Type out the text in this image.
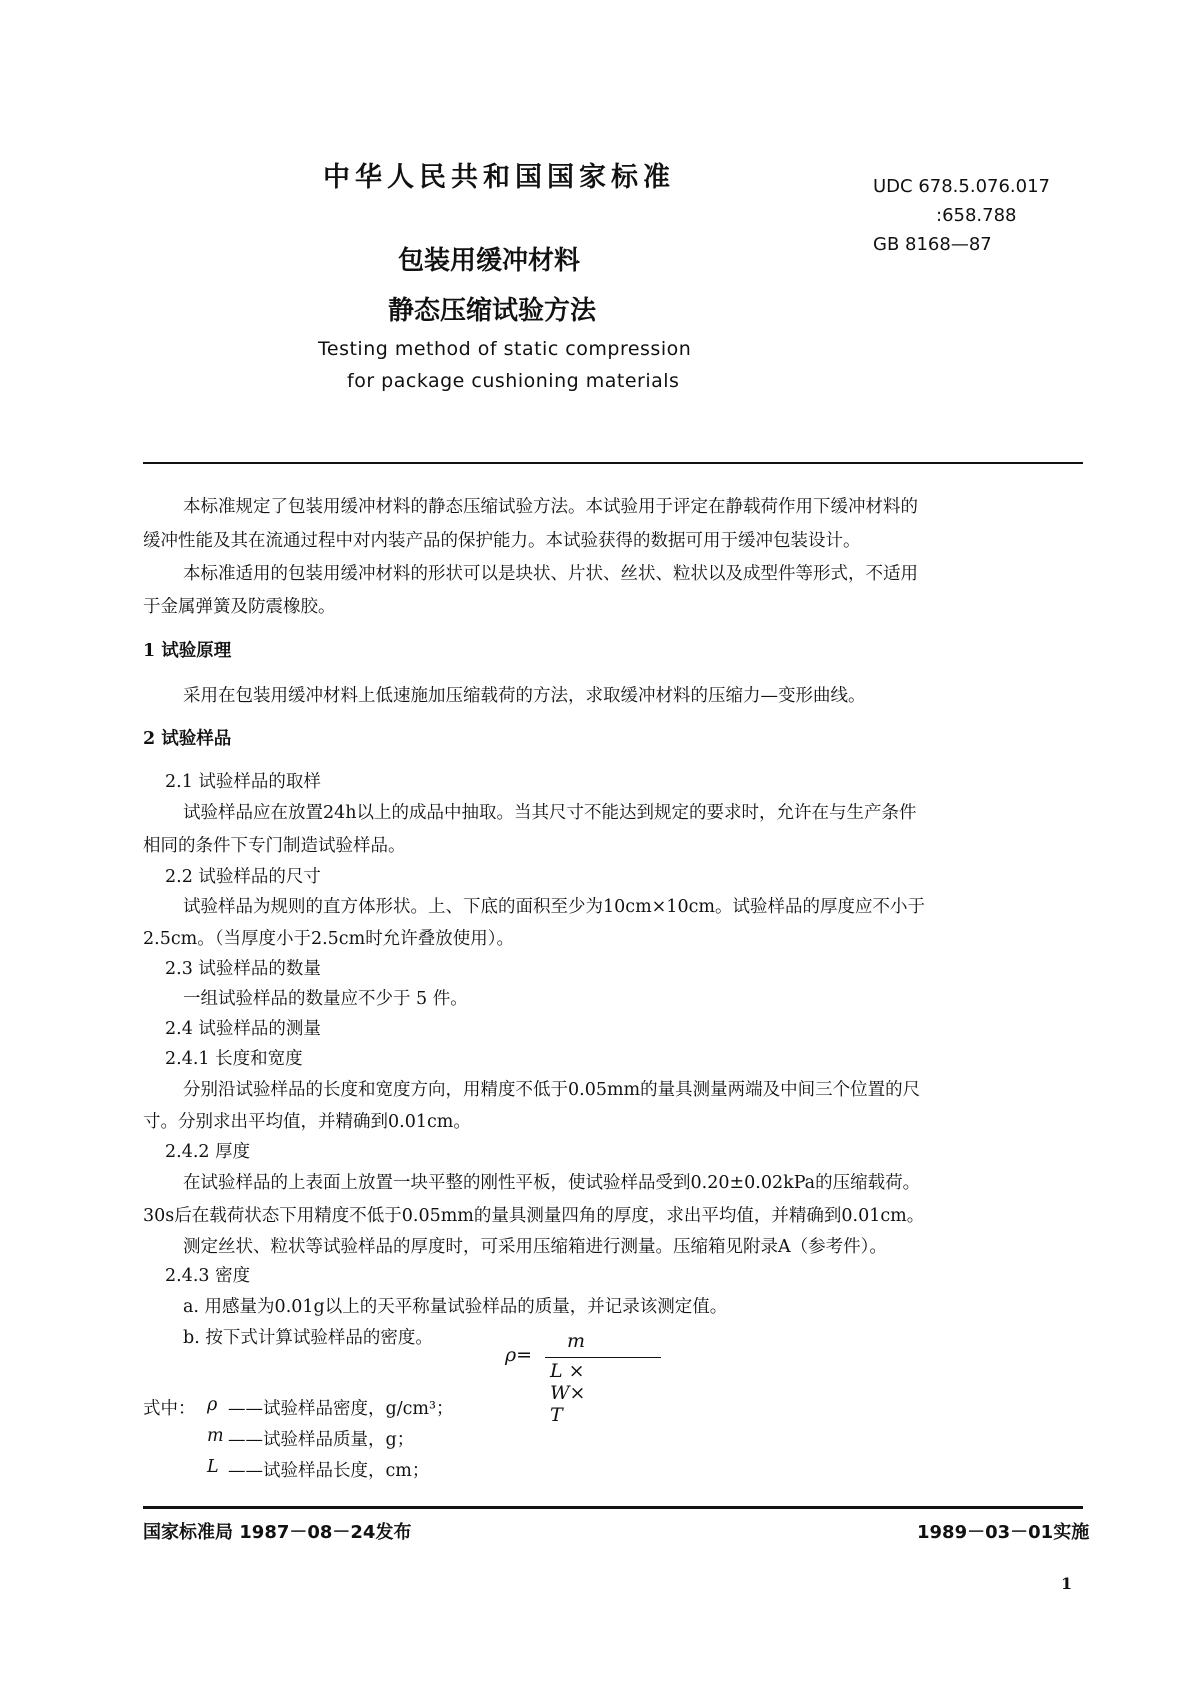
中华人民共和国国家标准	UDC 678.5.076.017
:658.788
GB 8168—87
包装用缓冲材料
静态压缩试验方法
Testing method of static compression
for package cushioning materials
本标准规定了包装用缓冲材料的静态压缩试验方法。本试验用于评定在静载荷作用下缓冲材料的
缓冲性能及其在流通过程中对内装产品的保护能力。本试验获得的数据可用于缓冲包装设计。
本标准适用的包装用缓冲材料的形状可以是块状、片状、丝状、粒状以及成型件等形式，不适用
于金属弹簧及防震橡胶。
1 试验原理
采用在包装用缓冲材料上低速施加压缩载荷的方法，求取缓冲材料的压缩力—变形曲线。
2 试验样品
2.1 试验样品的取样
试验样品应在放置24h以上的成品中抽取。当其尺寸不能达到规定的要求时，允许在与生产条件
相同的条件下专门制造试验样品。
2.2 试验样品的尺寸
试验样品为规则的直方体形状。上、下底的面积至少为10cm×10cm。试验样品的厚度应不小于
2.5cm。（当厚度小于2.5cm时允许叠放使用）。
2.3 试验样品的数量
一组试验样品的数量应不少于 5 件。
2.4 试验样品的测量
2.4.1 长度和宽度
分别沿试验样品的长度和宽度方向，用精度不低于0.05mm的量具测量两端及中间三个位置的尺
寸。分别求出平均值，并精确到0.01cm。
2.4.2 厚度
在试验样品的上表面上放置一块平整的刚性平板，使试验样品受到0.20±0.02kPa的压缩载荷。
30s后在载荷状态下用精度不低于0.05mm的量具测量四角的厚度，求出平均值，并精确到0.01cm。
测定丝状、粒状等试验样品的厚度时，可采用压缩箱进行测量。压缩箱见附录A（参考件）。
2.4.3 密度
a. 用感量为0.01g以上的天平称量试验样品的质量，并记录该测定值。
b. 按下式计算试验样品的密度。
ρ=
m
L × W× T
式中： ρ ——试验样品密度，g/cm³；
m ——试验样品质量，g；
L ——试验样品长度，cm；
国家标准局 1987－08－24发布	1989－03－01实施
1
